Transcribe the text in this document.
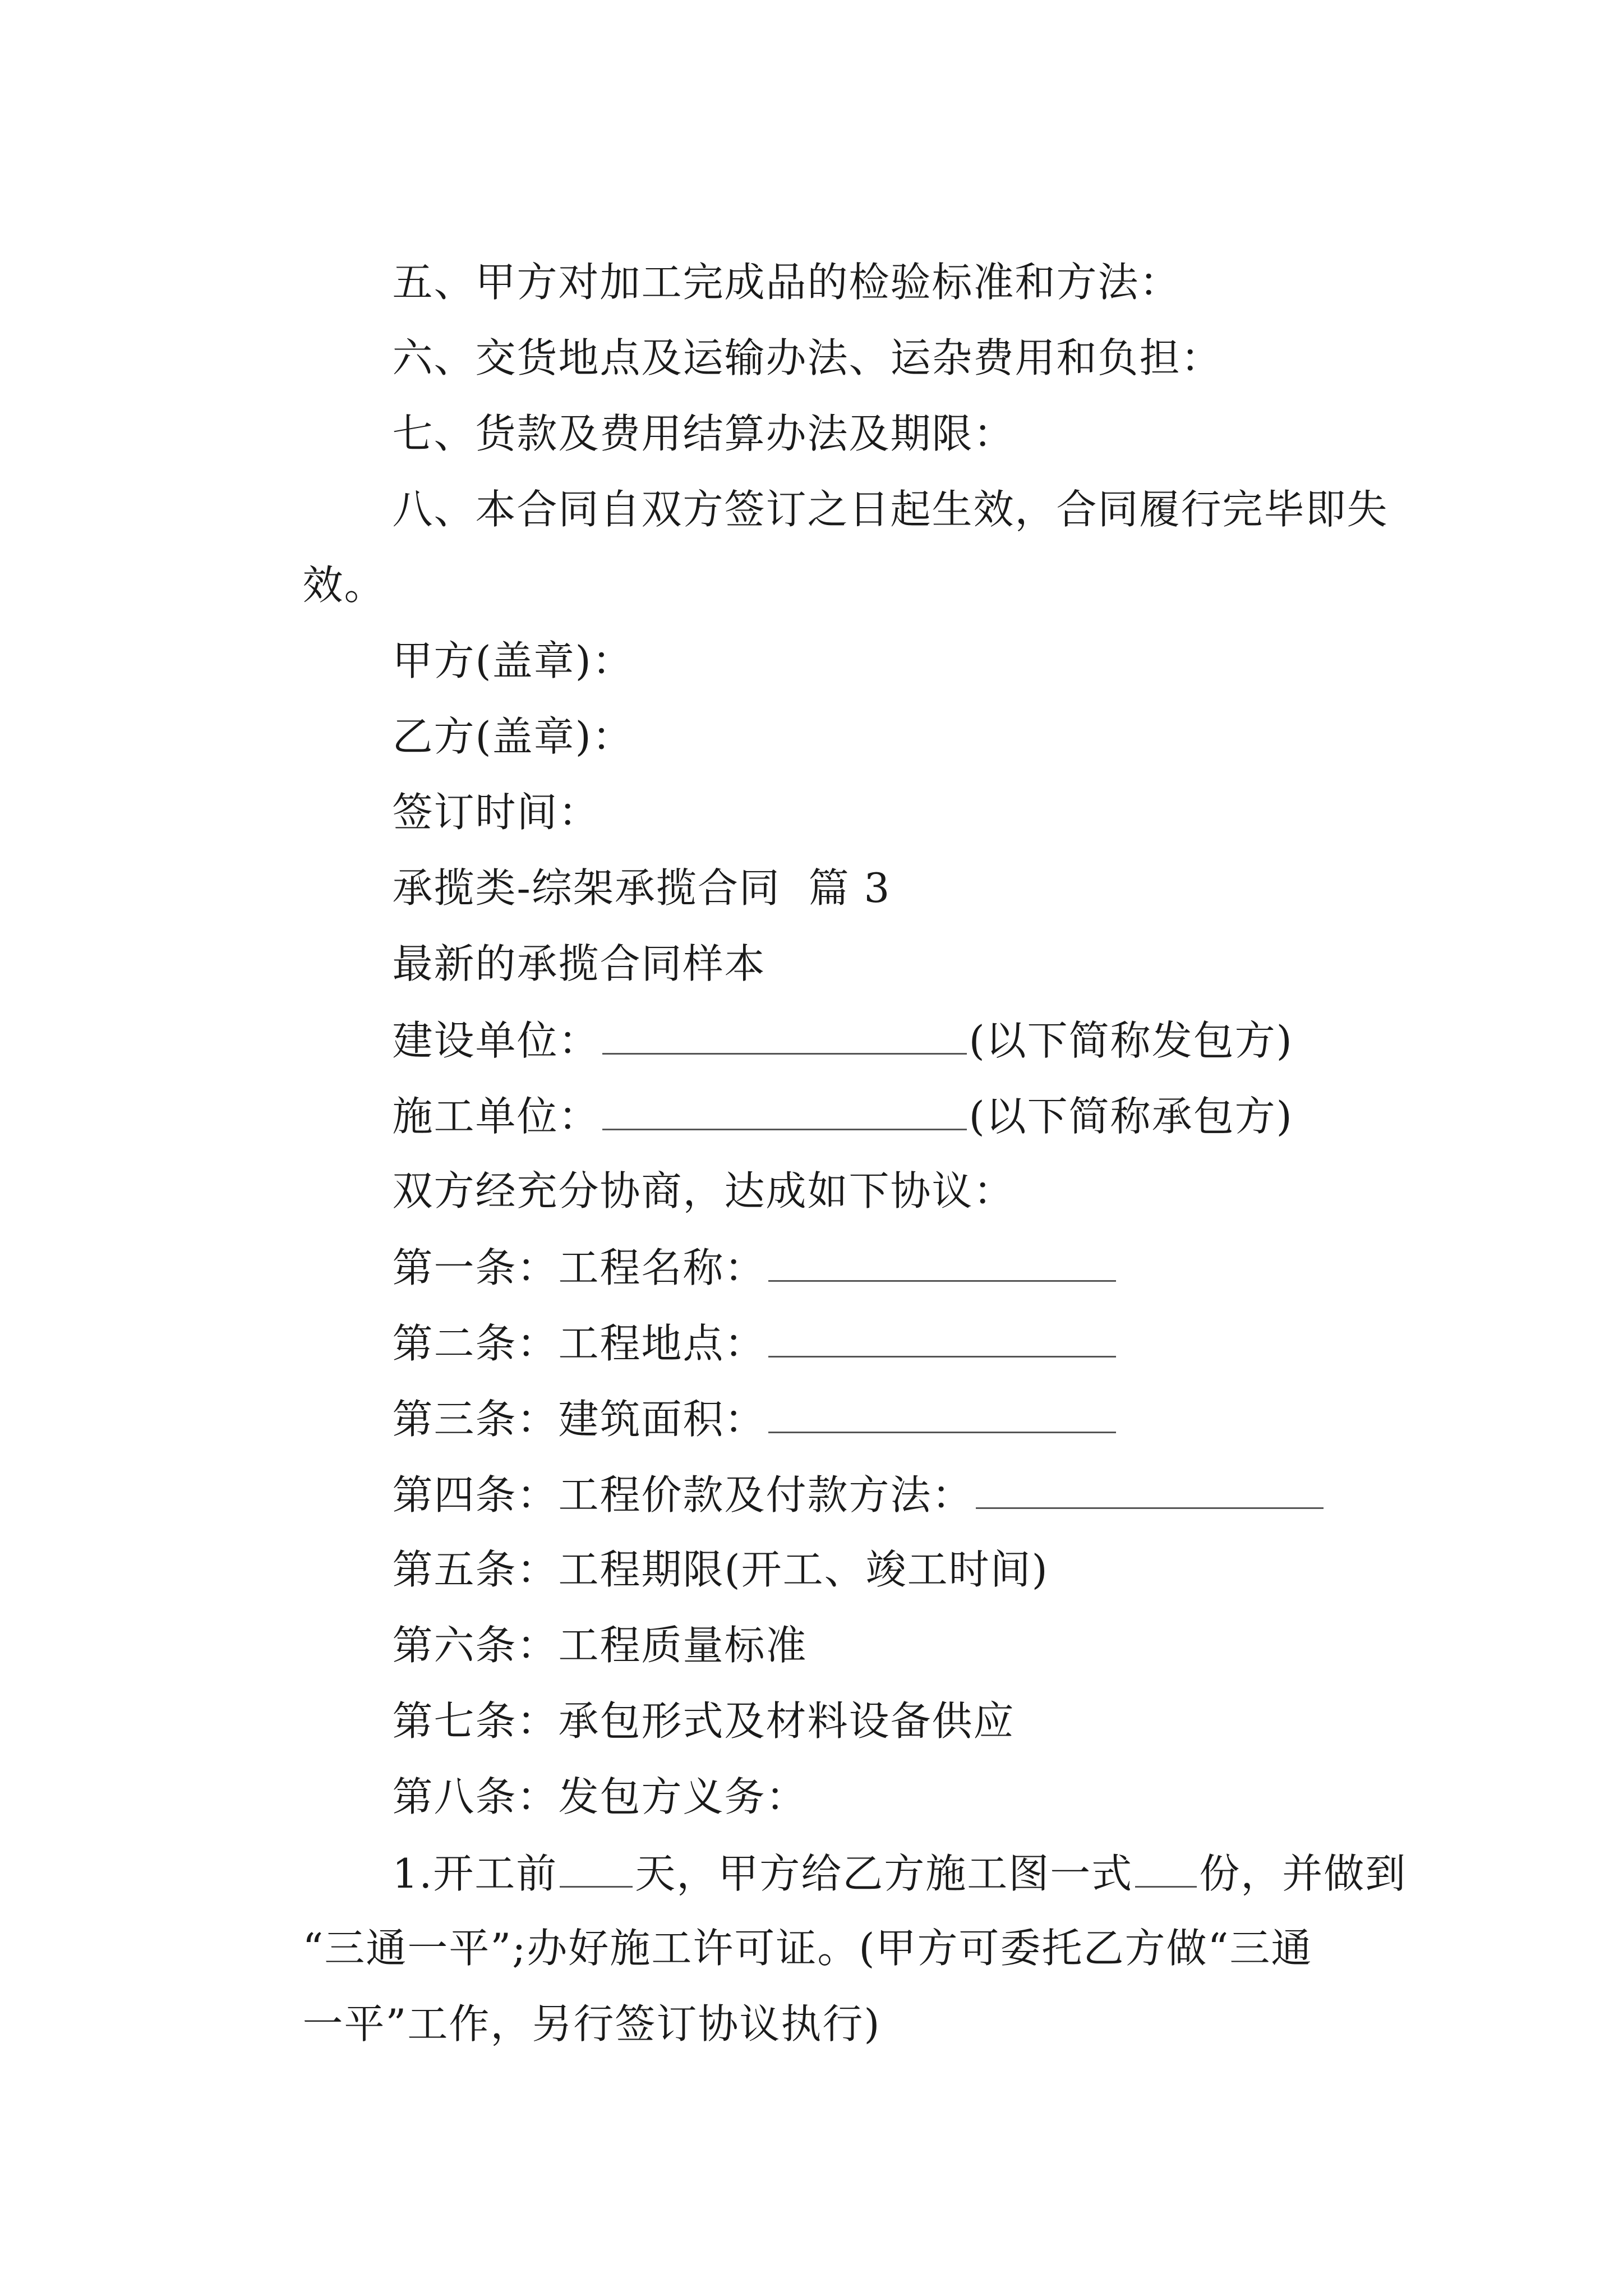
五、甲方对加工完成品的检验标准和方法：

六、交货地点及运输办法、运杂费用和负担：

七、货款及费用结算办法及期限：

八、本合同自双方签订之日起生效，合同履行完毕即失

效。

甲方(盖章)：

乙方(盖章)：

签订时间：

承揽类-综架承揽合同  篇 3

最新的承揽合同样本

建设单位：	(以下简称发包方)

施工单位：	(以下简称承包方)

双方经充分协商，达成如下协议：

第一条：工程名称：

第二条：工程地点：

第三条：建筑面积：

第四条：工程价款及付款方法：

第五条：工程期限(开工、竣工时间)

第六条：工程质量标准

第七条：承包形式及材料设备供应

第八条：发包方义务：

1.开工前 天，甲方给乙方施工图一式 份，并做到

“三通一平”;办好施工许可证。(甲方可委托乙方做“三通

一平”工作，另行签订协议执行)
